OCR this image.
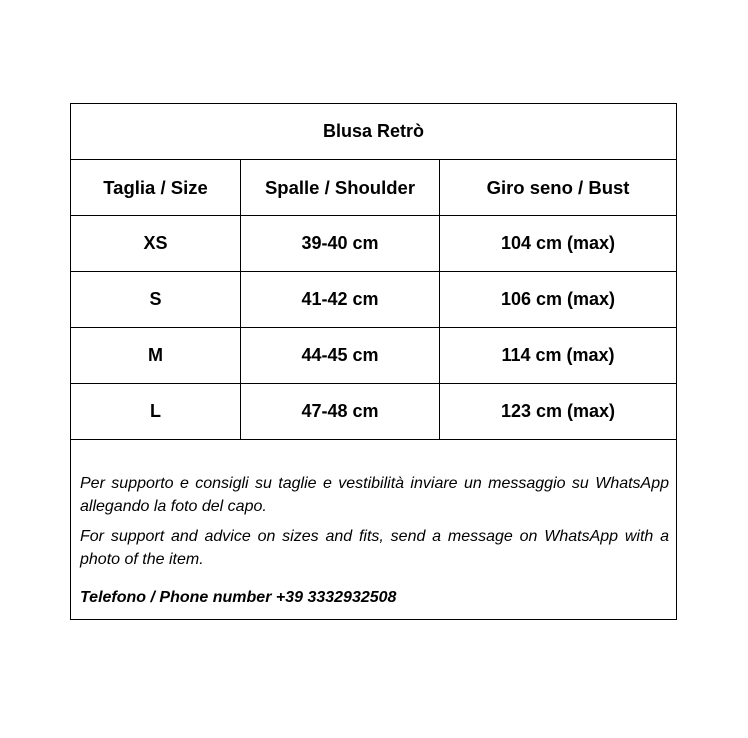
Blusa Retrò		
Taglia / Size	Spalle / Shoulder	Giro seno / Bust
XS	39-40 cm	104 cm (max)
S	41-42 cm	106 cm (max)
M	44-45 cm	114 cm (max)
L	47-48 cm	123 cm (max)

Per supporto e consigli su taglie e vestibilità inviare un messaggio su WhatsApp allegando la foto del capo.

For support and advice on sizes and fits, send a message on WhatsApp with a photo of the item.

Telefono / Phone number +39 3332932508		
